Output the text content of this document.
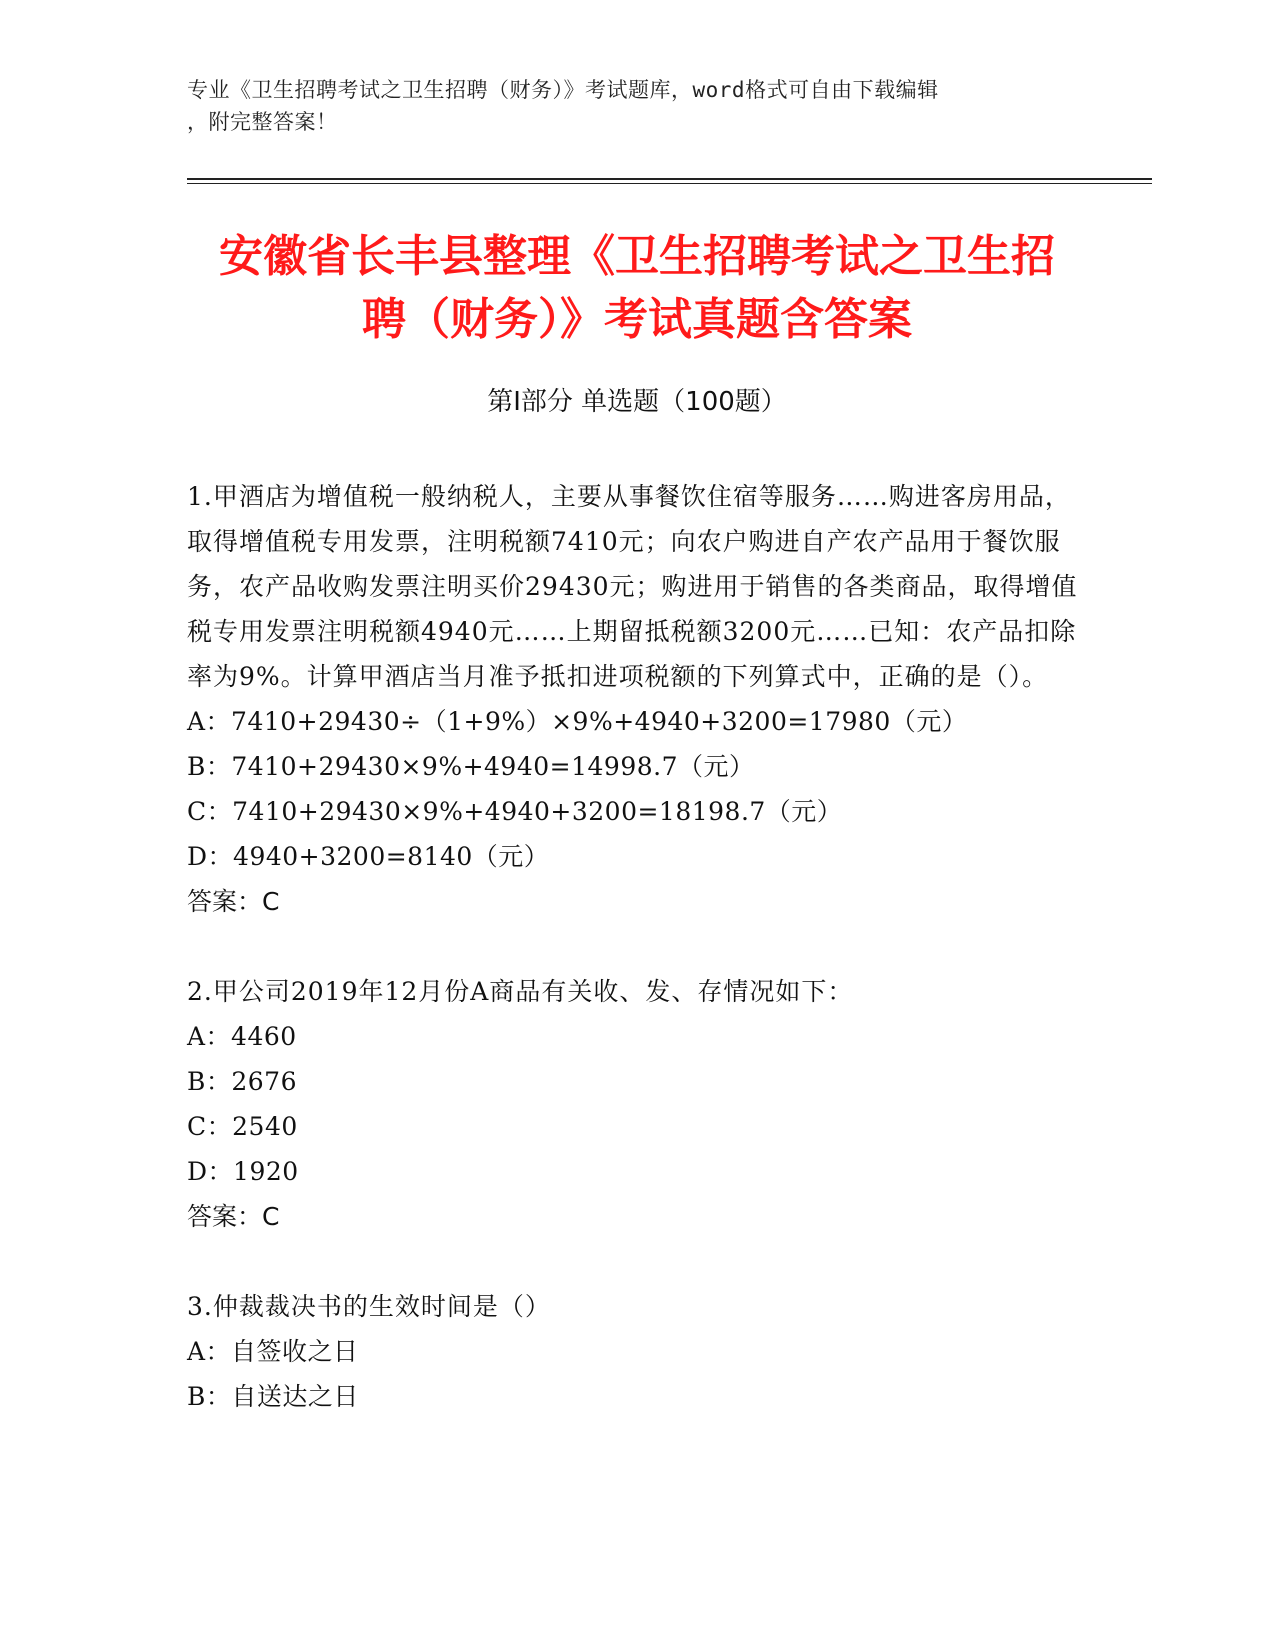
专业《卫生招聘考试之卫生招聘（财务）》考试题库，word格式可自由下载编辑
，附完整答案！
安徽省长丰县整理《卫生招聘考试之卫生招
聘（财务）》考试真题含答案
第Ⅰ部分 单选题（100题）

1.甲酒店为增值税一般纳税人，主要从事餐饮住宿等服务……购进客房用品，取得增值税专用发票，注明税额7410元；向农户购进自产农产品用于餐饮服务，农产品收购发票注明买价29430元；购进用于销售的各类商品，取得增值税专用发票注明税额4940元……上期留抵税额3200元……已知：农产品扣除率为9%。计算甲酒店当月准予抵扣进项税额的下列算式中，正确的是（）。

A：7410+29430÷（1+9%）×9%+4940+3200=17980（元）

B：7410+29430×9%+4940=14998.7（元）

C：7410+29430×9%+4940+3200=18198.7（元）

D：4940+3200=8140（元）

答案：C

2.甲公司2019年12月份A商品有关收、发、存情况如下：

A：4460

B：2676

C：2540

D：1920

答案：C

3.仲裁裁决书的生效时间是（）

A：自签收之日

B：自送达之日
